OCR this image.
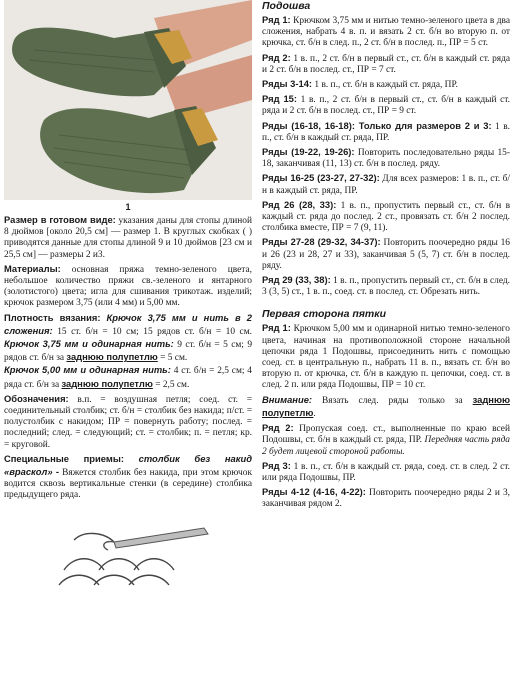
1

Размер в готовом виде: указания даны для стопы длиной 8 дюймов [около 20,5 см] — размер 1. В круглых скобках ( ) приводятся данные для стопы длиной 9 и 10 дюймов [23 см и 25,5 см] — размеры 2 и3.

Материалы: основная пряжа темно-зеленого цвета, небольшое количество пряжи св.-зеленого и янтарного (золотистого) цвета; игла для сшивания трикотаж. изделий; крючок размером 3,75 (или 4 мм) и 5,00 мм.

Плотность вязания: Крючок 3,75 мм и нить в 2 сложения: 15 ст. б/н = 10 см; 15 рядов ст. б/н = 10 см. Крючок 3,75 мм и одинарная нить: 9 ст. б/н = 5 см; 9 рядов ст. б/н за заднюю полупетлю = 5 см.
Крючок 5,00 мм и одинарная нить: 4 ст. б/н = 2,5 см; 4 ряда ст. б/н за заднюю полупетлю = 2,5 см.

Обозначения: в.п. = воздушная петля; соед. ст. = соединительный столбик; ст. б/н = столбик без накида; п/ст. = полустолбик с накидом; ПР = повернуть работу; послед. = последний; след. = следующий; ст. = столбик; п. = петля; кр. = круговой.

Специальные приемы: столбик без накид «враскол» - Вяжется столбик без накида, при этом крючок водится сквозь вертикальные стенки (в середине) столбика предыдущего ряда.

Подошва

Ряд 1: Крючком 3,75 мм и нитью темно-зеленого цвета в два сложения, набрать 4 в. п. и вязать 2 ст. б/н во вторую п. от крючка, ст. б/н в след. п., 2 ст. б/н в послед. п., ПР = 5 ст.

Ряд 2: 1 в. п., 2 ст. б/н в первый ст., ст. б/н в каждый ст. ряда и 2 ст. б/н в послед. ст., ПР = 7 ст.

Ряды 3-14: 1 в. п., ст. б/н в каждый ст. ряда, ПР.

Ряд 15: 1 в. п., 2 ст. б/н в первый ст., ст. б/н в каждый ст. ряда и 2 ст. б/н в послед. ст., ПР = 9 ст.

Ряды (16-18, 16-18): Только для размеров 2 и 3: 1 в. п., ст. б/н в каждый ст. ряда, ПР.

Ряды (19-22, 19-26): Повторить последовательно ряды 15-18, заканчивая (11, 13) ст. б/н в послед. ряду.

Ряды 16-25 (23-27, 27-32): Для всех размеров: 1 в. п., ст. б/н в каждый ст. ряда, ПР.

Ряд 26 (28, 33): 1 в. п., пропустить первый ст., ст. б/н в каждый ст. ряда до послед. 2 ст., провязать ст. б/н 2 послед. столбика вместе, ПР = 7 (9, 11).

Ряды 27-28 (29-32, 34-37): Повторить поочередно ряды 16 и 26 (23 и 28, 27 и 33), заканчивая 5 (5, 7) ст. б/н в послед. ряду.

Ряд 29 (33, 38): 1 в. п., пропустить первый ст., ст. б/н в след. 3 (3, 5) ст., 1 в. п., соед. ст. в послед. ст. Обрезать нить.

Первая сторона пятки

Ряд 1: Крючком 5,00 мм и одинарной нитью темно-зеленого цвета, начиная на противоположной стороне начальной цепочки ряда 1 Подошвы, присоединить нить с помощью соед. ст. в центральную п., набрать 11 в. п., вязать ст. б/н во вторую п. от крючка, ст. б/н в каждую п. цепочки, соед. ст. в след. 2 п. или ряда Подошвы, ПР = 10 ст.

Внимание: Вязать след. ряды только за заднюю полупетлю.

Ряд 2: Пропуская соед. ст., выполненные по краю всей Подошвы, ст. б/н в каждый ст. ряда, ПР. Передняя часть ряда 2 будет лицевой стороной работы.

Ряд 3: 1 в. п., ст. б/н в каждый ст. ряда, соед. ст. в след. 2 ст. или ряда Подошвы, ПР.

Ряды 4-12 (4-16, 4-22): Повторить поочередно ряды 2 и 3, заканчивая рядом 2.
